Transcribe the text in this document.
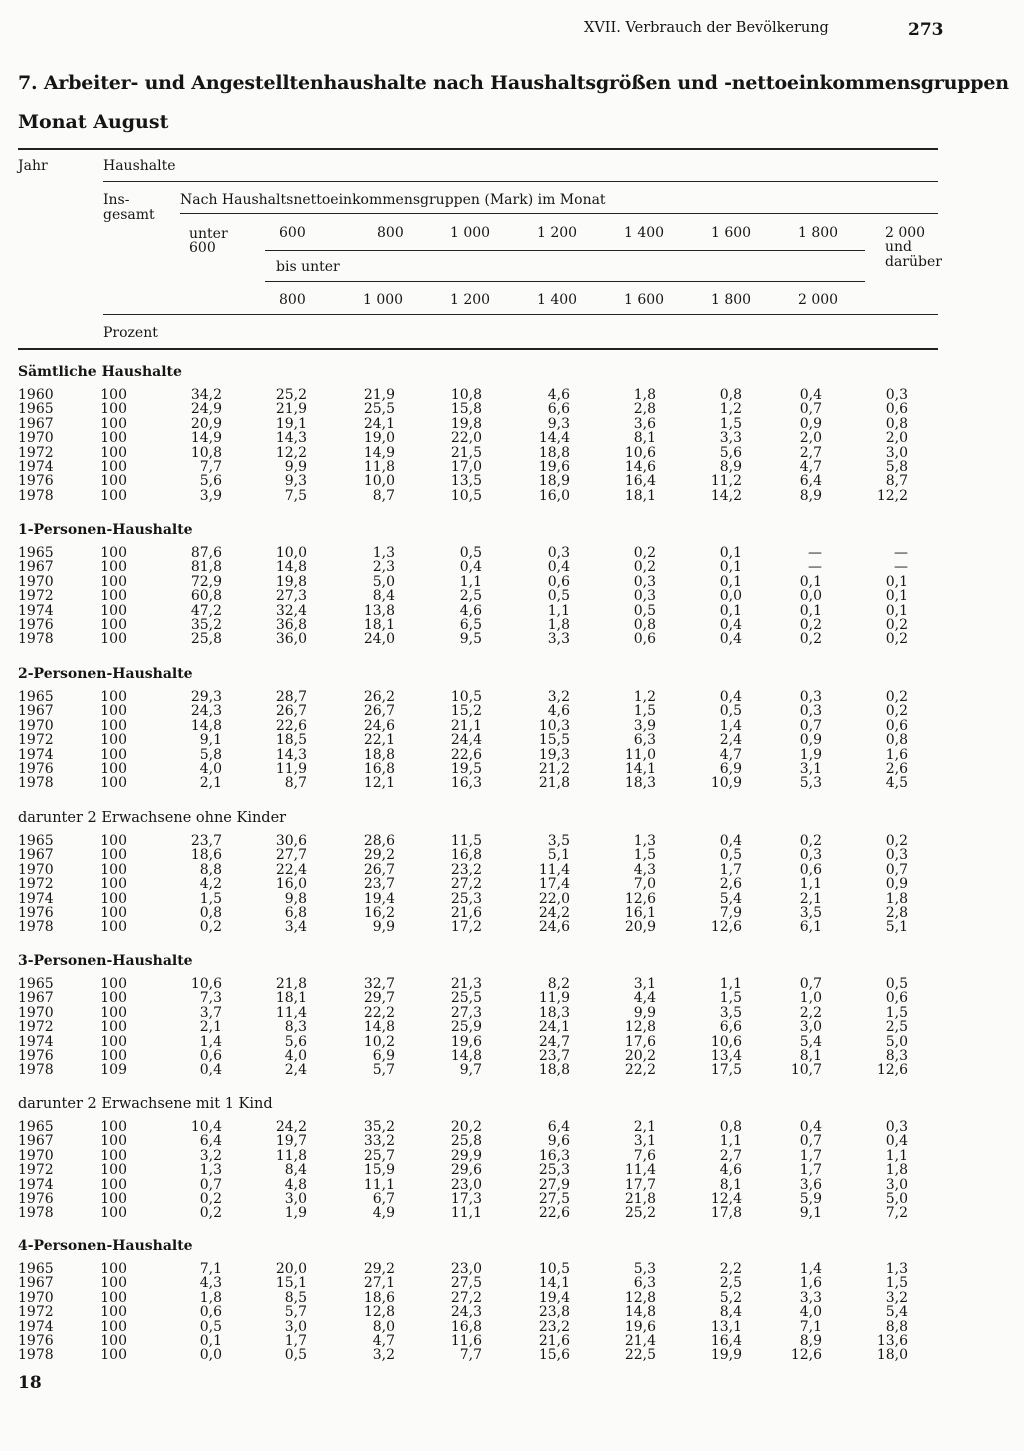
XVII. Verbrauch der Bevölkerung	273
7. Arbeiter- und Angestelltenhaushalte nach Haushaltsgrößen und -nettoeinkommensgruppen
Monat August
Jahr	Haushalte
Ins-
gesamt
Nach Haushaltsnettoeinkommensgruppen (Mark) im Monat
unter
600
bis unter
2 000
und
darüber
Prozent
600	800	1 000	1 200	1 400	1 600	1 800
800	1 000	1 200	1 400	1 600	1 800	2 000
Sämtliche Haushalte
1960	100	34,2	25,2	21,9	10,8	4,6	1,8	0,8	0,4	0,3
1965	100	24,9	21,9	25,5	15,8	6,6	2,8	1,2	0,7	0,6
1967	100	20,9	19,1	24,1	19,8	9,3	3,6	1,5	0,9	0,8
1970	100	14,9	14,3	19,0	22,0	14,4	8,1	3,3	2,0	2,0
1972	100	10,8	12,2	14,9	21,5	18,8	10,6	5,6	2,7	3,0
1974	100	7,7	9,9	11,8	17,0	19,6	14,6	8,9	4,7	5,8
1976	100	5,6	9,3	10,0	13,5	18,9	16,4	11,2	6,4	8,7
1978	100	3,9	7,5	8,7	10,5	16,0	18,1	14,2	8,9	12,2
1-Personen-Haushalte
1965	100	87,6	10,0	1,3	0,5	0,3	0,2	0,1	—	—
1967	100	81,8	14,8	2,3	0,4	0,4	0,2	0,1	—	—
1970	100	72,9	19,8	5,0	1,1	0,6	0,3	0,1	0,1	0,1
1972	100	60,8	27,3	8,4	2,5	0,5	0,3	0,0	0,0	0,1
1974	100	47,2	32,4	13,8	4,6	1,1	0,5	0,1	0,1	0,1
1976	100	35,2	36,8	18,1	6,5	1,8	0,8	0,4	0,2	0,2
1978	100	25,8	36,0	24,0	9,5	3,3	0,6	0,4	0,2	0,2
2-Personen-Haushalte
1965	100	29,3	28,7	26,2	10,5	3,2	1,2	0,4	0,3	0,2
1967	100	24,3	26,7	26,7	15,2	4,6	1,5	0,5	0,3	0,2
1970	100	14,8	22,6	24,6	21,1	10,3	3,9	1,4	0,7	0,6
1972	100	9,1	18,5	22,1	24,4	15,5	6,3	2,4	0,9	0,8
1974	100	5,8	14,3	18,8	22,6	19,3	11,0	4,7	1,9	1,6
1976	100	4,0	11,9	16,8	19,5	21,2	14,1	6,9	3,1	2,6
1978	100	2,1	8,7	12,1	16,3	21,8	18,3	10,9	5,3	4,5
darunter 2 Erwachsene ohne Kinder
1965	100	23,7	30,6	28,6	11,5	3,5	1,3	0,4	0,2	0,2
1967	100	18,6	27,7	29,2	16,8	5,1	1,5	0,5	0,3	0,3
1970	100	8,8	22,4	26,7	23,2	11,4	4,3	1,7	0,6	0,7
1972	100	4,2	16,0	23,7	27,2	17,4	7,0	2,6	1,1	0,9
1974	100	1,5	9,8	19,4	25,3	22,0	12,6	5,4	2,1	1,8
1976	100	0,8	6,8	16,2	21,6	24,2	16,1	7,9	3,5	2,8
1978	100	0,2	3,4	9,9	17,2	24,6	20,9	12,6	6,1	5,1
3-Personen-Haushalte
1965	100	10,6	21,8	32,7	21,3	8,2	3,1	1,1	0,7	0,5
1967	100	7,3	18,1	29,7	25,5	11,9	4,4	1,5	1,0	0,6
1970	100	3,7	11,4	22,2	27,3	18,3	9,9	3,5	2,2	1,5
1972	100	2,1	8,3	14,8	25,9	24,1	12,8	6,6	3,0	2,5
1974	100	1,4	5,6	10,2	19,6	24,7	17,6	10,6	5,4	5,0
1976	100	0,6	4,0	6,9	14,8	23,7	20,2	13,4	8,1	8,3
1978	109	0,4	2,4	5,7	9,7	18,8	22,2	17,5	10,7	12,6
darunter 2 Erwachsene mit 1 Kind
1965	100	10,4	24,2	35,2	20,2	6,4	2,1	0,8	0,4	0,3
1967	100	6,4	19,7	33,2	25,8	9,6	3,1	1,1	0,7	0,4
1970	100	3,2	11,8	25,7	29,9	16,3	7,6	2,7	1,7	1,1
1972	100	1,3	8,4	15,9	29,6	25,3	11,4	4,6	1,7	1,8
1974	100	0,7	4,8	11,1	23,0	27,9	17,7	8,1	3,6	3,0
1976	100	0,2	3,0	6,7	17,3	27,5	21,8	12,4	5,9	5,0
1978	100	0,2	1,9	4,9	11,1	22,6	25,2	17,8	9,1	7,2
4-Personen-Haushalte
1965	100	7,1	20,0	29,2	23,0	10,5	5,3	2,2	1,4	1,3
1967	100	4,3	15,1	27,1	27,5	14,1	6,3	2,5	1,6	1,5
1970	100	1,8	8,5	18,6	27,2	19,4	12,8	5,2	3,3	3,2
1972	100	0,6	5,7	12,8	24,3	23,8	14,8	8,4	4,0	5,4
1974	100	0,5	3,0	8,0	16,8	23,2	19,6	13,1	7,1	8,8
1976	100	0,1	1,7	4,7	11,6	21,6	21,4	16,4	8,9	13,6
1978	100	0,0	0,5	3,2	7,7	15,6	22,5	19,9	12,6	18,0
18
